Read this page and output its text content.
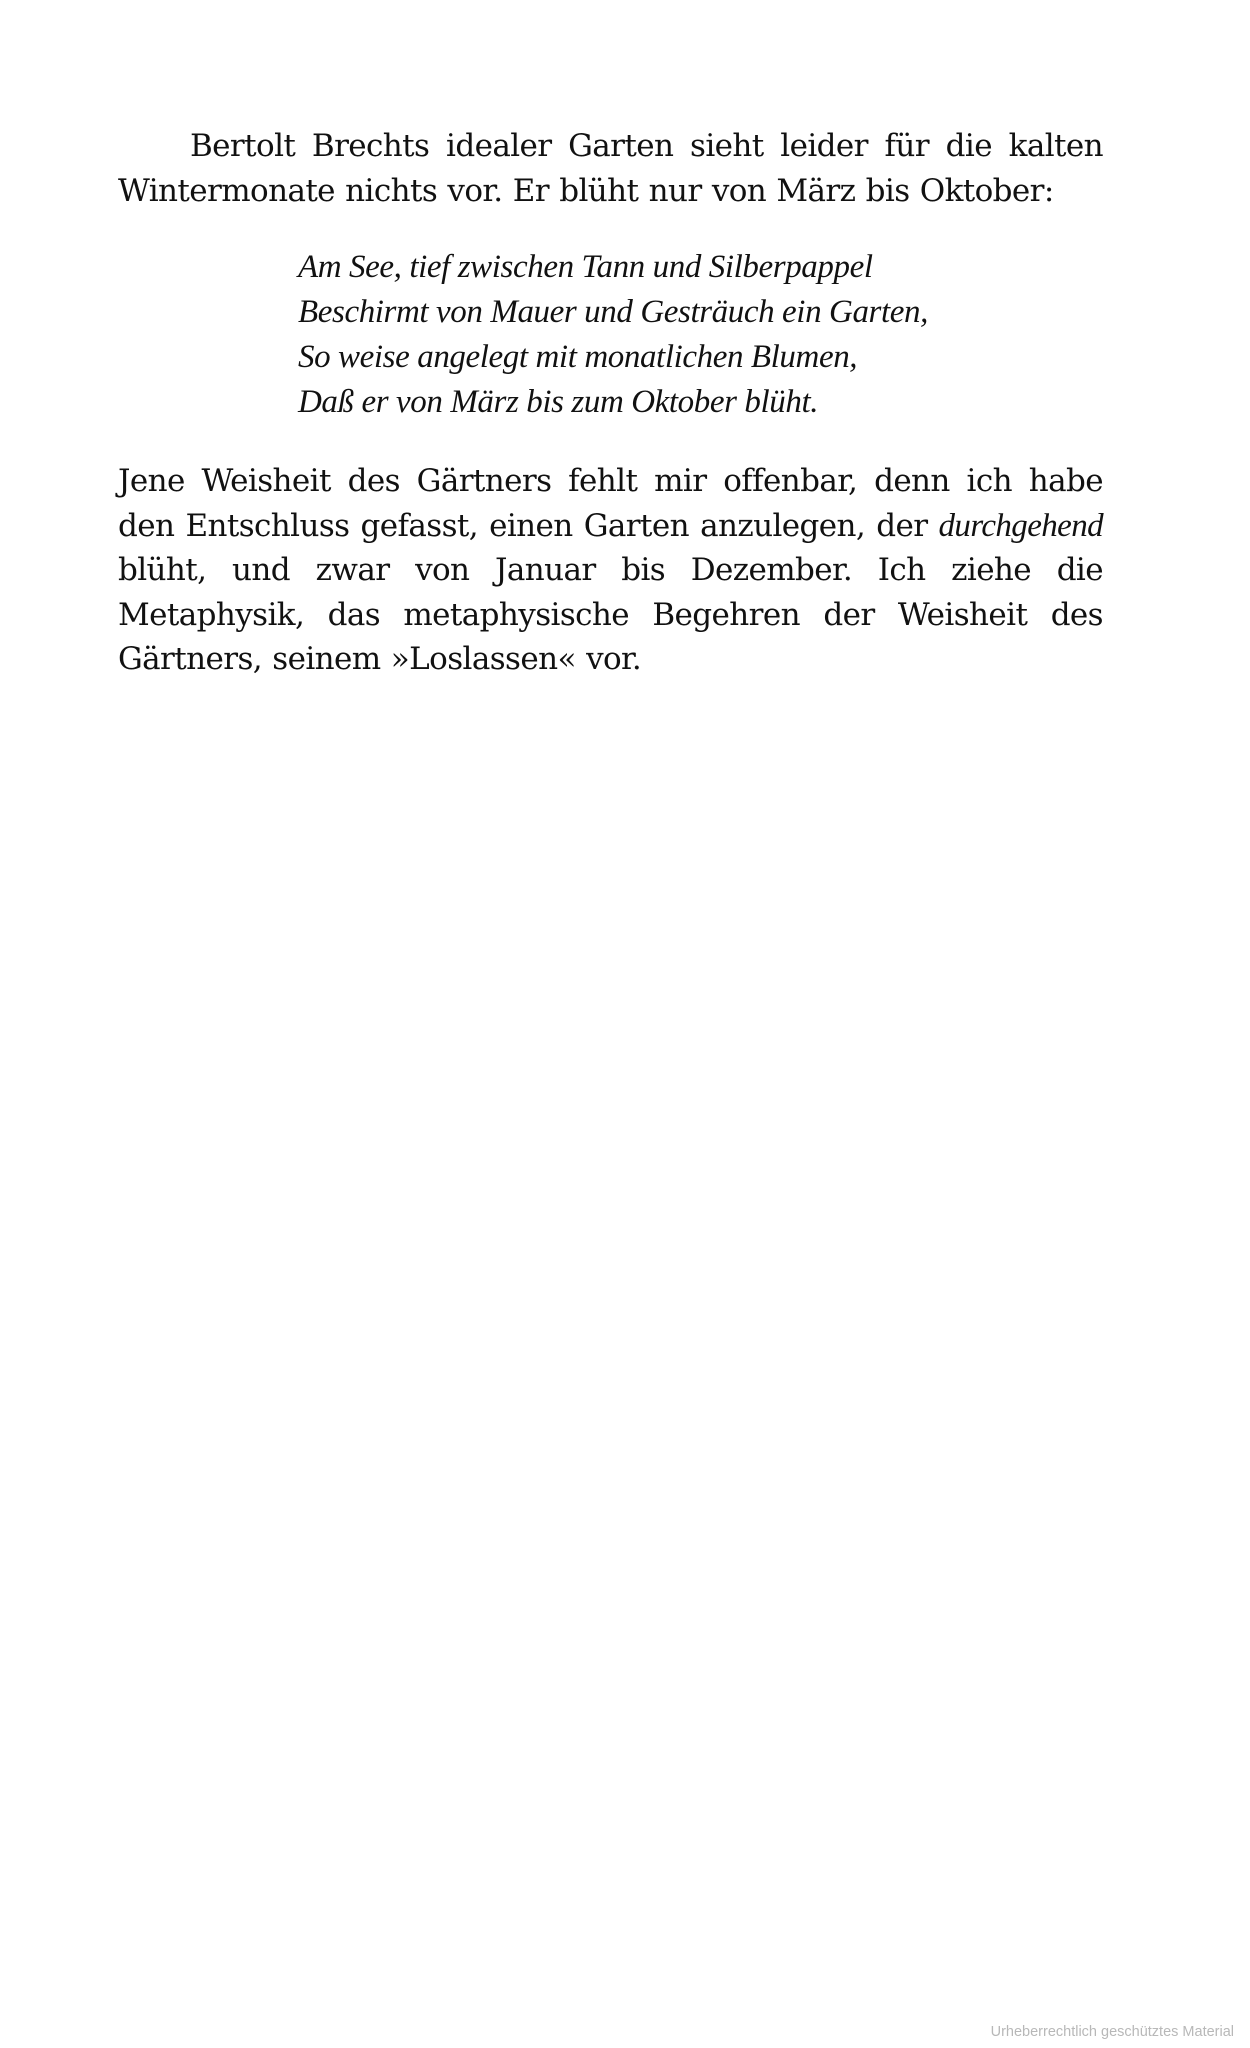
Bertolt Brechts idealer Garten sieht leider für die kalten Wintermonate nichts vor. Er blüht nur von März bis Oktober:

Am See, tief zwischen Tann und Silberpappel
Beschirmt von Mauer und Gesträuch ein Garten,
So weise angelegt mit monatlichen Blumen,
Daß er von März bis zum Oktober blüht.

Jene Weisheit des Gärtners fehlt mir offenbar, denn ich habe den Entschluss gefasst, einen Garten anzulegen, der durchgehend blüht, und zwar von Januar bis Dezember. Ich ziehe die Metaphysik, das metaphysische Begehren der Weisheit des Gärtners, seinem »Loslassen« vor.

Urheberrechtlich geschütztes Material
